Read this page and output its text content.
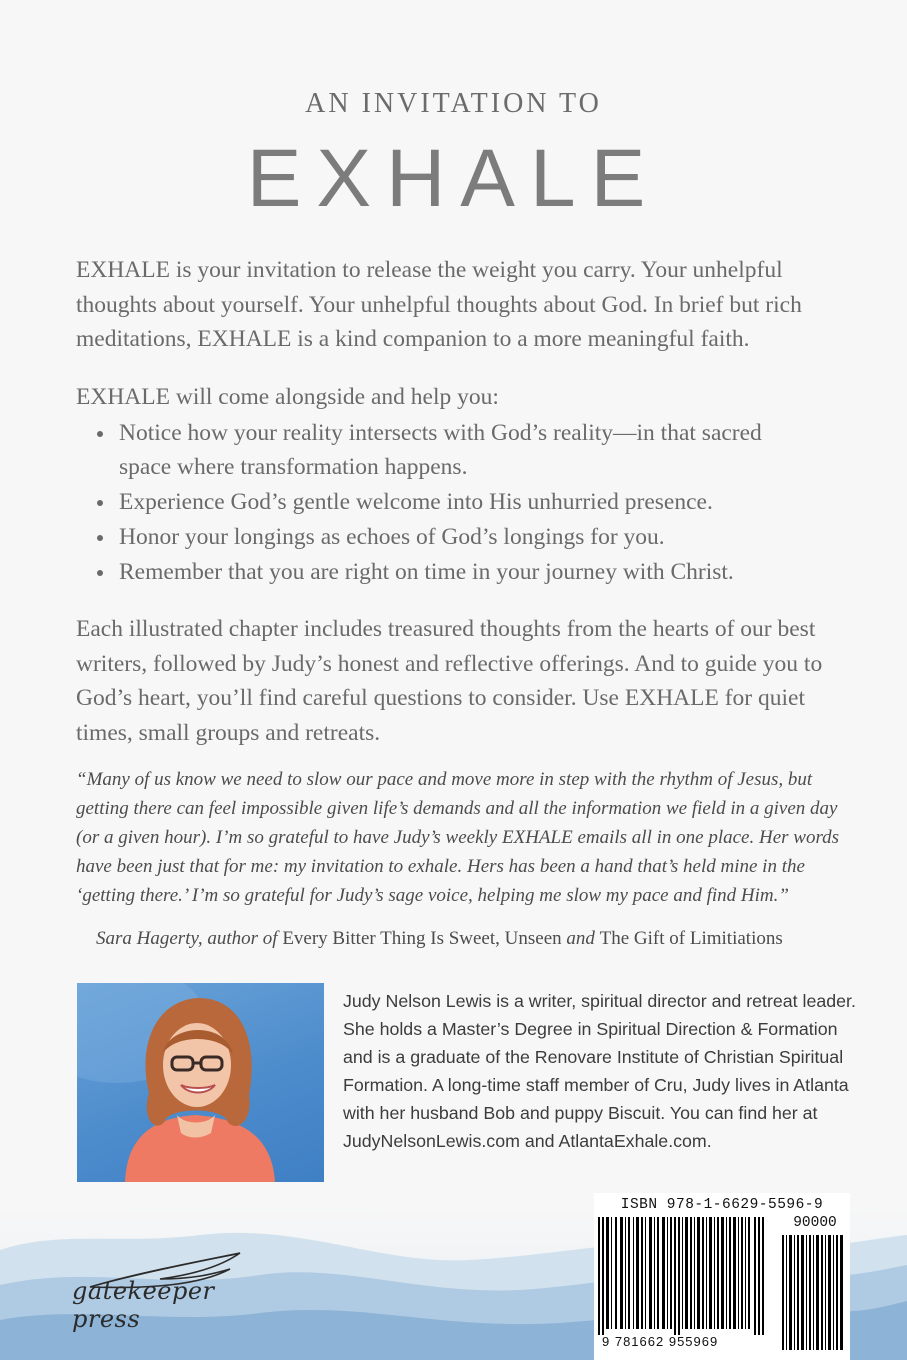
AN INVITATION TO
EXHALE

EXHALE is your invitation to release the weight you carry. Your unhelpful thoughts about yourself. Your unhelpful thoughts about God. In brief but rich meditations, EXHALE is a kind companion to a more meaningful faith.

EXHALE will come alongside and help you:

Notice how your reality intersects with God’s reality—in that sacred space where transformation happens.
Experience God’s gentle welcome into His unhurried presence.
Honor your longings as echoes of God’s longings for you.
Remember that you are right on time in your journey with Christ.

Each illustrated chapter includes treasured thoughts from the hearts of our best writers, followed by Judy’s honest and reflective offerings. And to guide you to God’s heart, you’ll find careful questions to consider. Use EXHALE for quiet times, small groups and retreats.

“Many of us know we need to slow our pace and move more in step with the rhythm of Jesus, but getting there can feel impossible given life’s demands and all the information we field in a given day (or a given hour). I’m so grateful to have Judy’s weekly EXHALE emails all in one place. Her words have been just that for me: my invitation to exhale. Hers has been a hand that’s held mine in the ‘getting there.’ I’m so grateful for Judy’s sage voice, helping me slow my pace and find Him.”

Sara Hagerty, author of Every Bitter Thing Is Sweet, Unseen and The Gift of Limitiations

Judy Nelson Lewis is a writer, spiritual director and retreat leader. She holds a Master’s Degree in Spiritual Direction & Formation and is a graduate of the Renovare Institute of Christian Spiritual Formation. A long-time staff member of Cru, Judy lives in Atlanta with her husband Bob and puppy Biscuit. You can find her at JudyNelsonLewis.com and AtlantaExhale.com.

gatekeeper press
ISBN 978-1-6629-5596-9
90000
9 781662 955969
